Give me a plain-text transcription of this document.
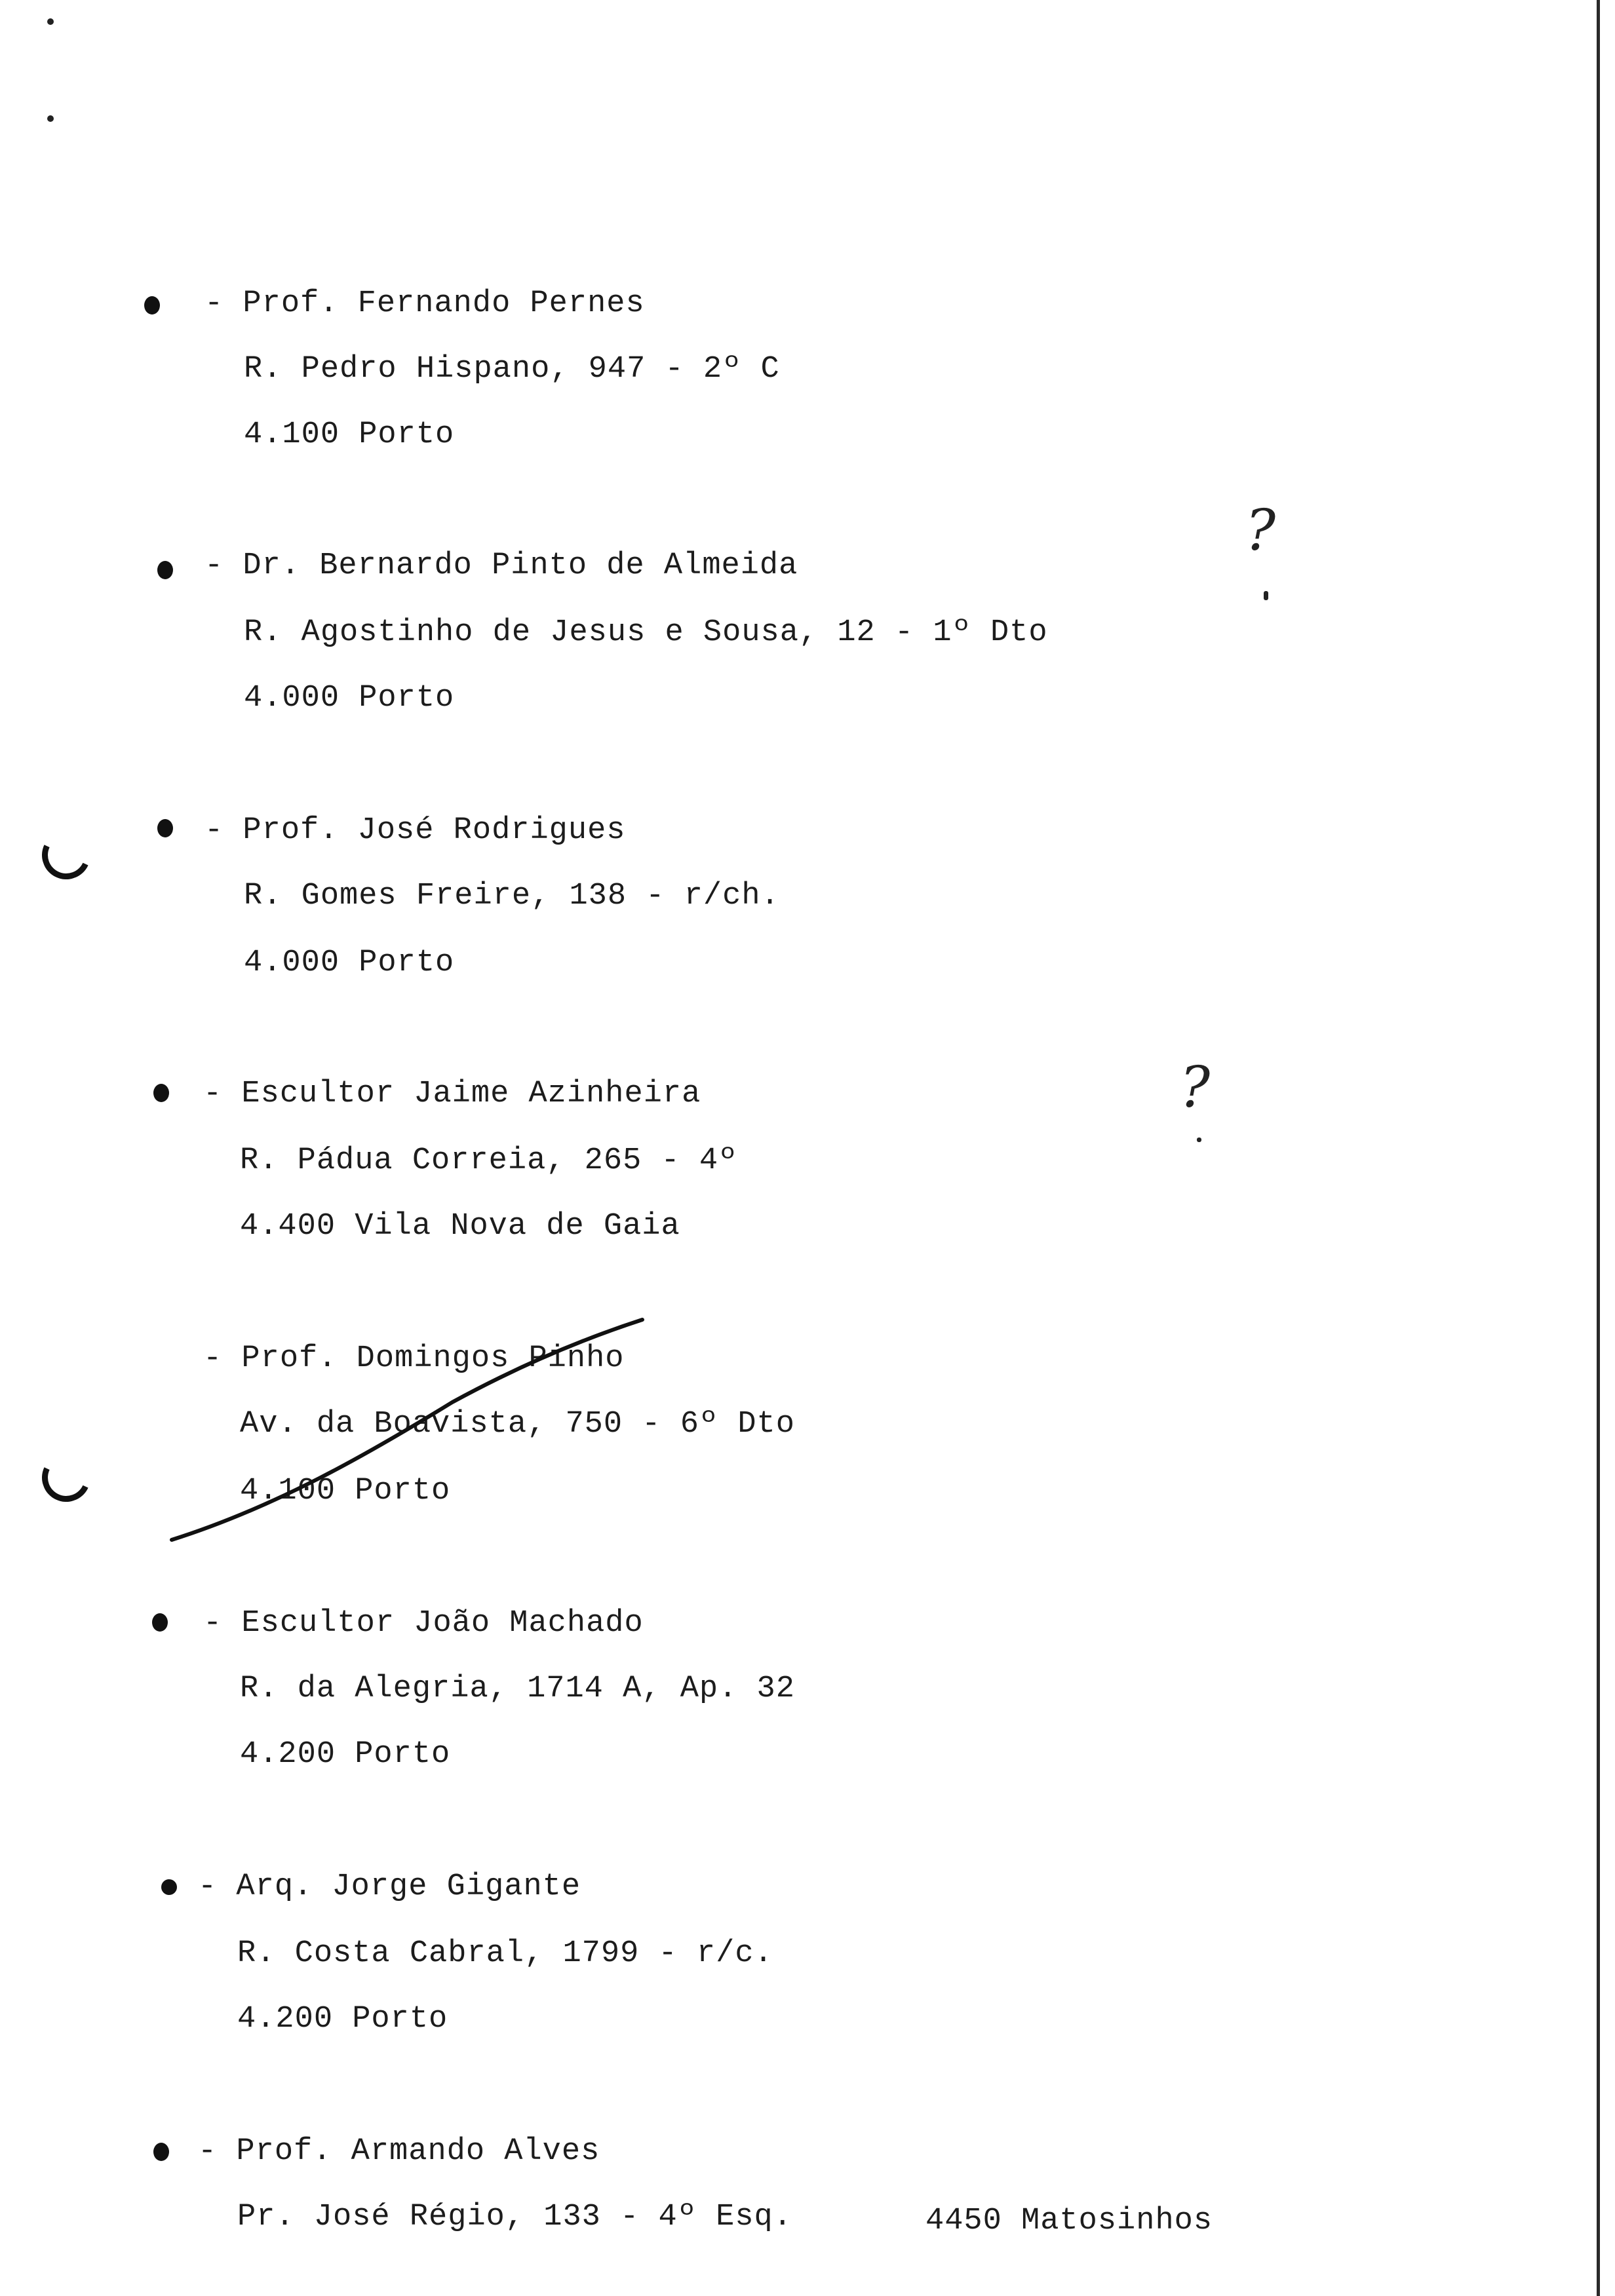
- Prof. Fernando Pernes
R. Pedro Hispano, 947 - 2º C
4.100 Porto
- Dr. Bernardo Pinto de Almeida
R. Agostinho de Jesus e Sousa, 12 - 1º Dto
4.000 Porto
?
- Prof. José Rodrigues
R. Gomes Freire, 138 - r/ch.
4.000 Porto
- Escultor Jaime Azinheira
R. Pádua Correia, 265 - 4º
4.400 Vila Nova de Gaia
?
- Prof. Domingos Pinho
Av. da Boavista, 750 - 6º Dto
4.100 Porto
- Escultor João Machado
R. da Alegria, 1714 A, Ap. 32
4.200 Porto
- Arq. Jorge Gigante
R. Costa Cabral, 1799 - r/c.
4.200 Porto
- Prof. Armando Alves
Pr. José Régio, 133 - 4º Esq.	4450 Matosinhos
